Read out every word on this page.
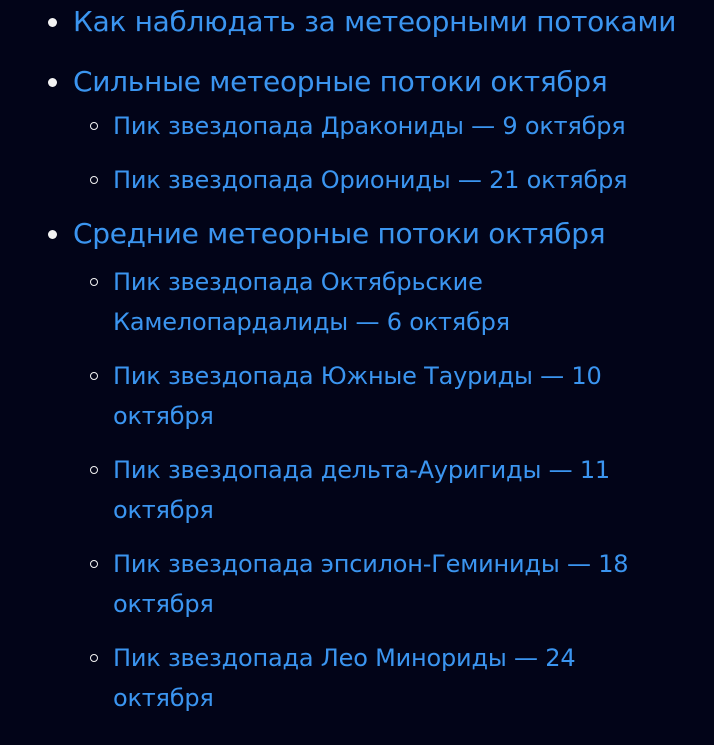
Как наблюдать за метеорными потоками
Сильные метеорные потоки октября
Пик звездопада Дракониды — 9 октября
Пик звездопада Ориониды — 21 октября
Средние метеорные потоки октября
Пик звездопада Октябрьские Камелопардалиды — 6 октября
Пик звездопада Южные Тауриды — 10 октября
Пик звездопада дельта-Ауригиды — 11 октября
Пик звездопада эпсилон-Геминиды — 18 октября
Пик звездопада Лео Минориды — 24 октября
